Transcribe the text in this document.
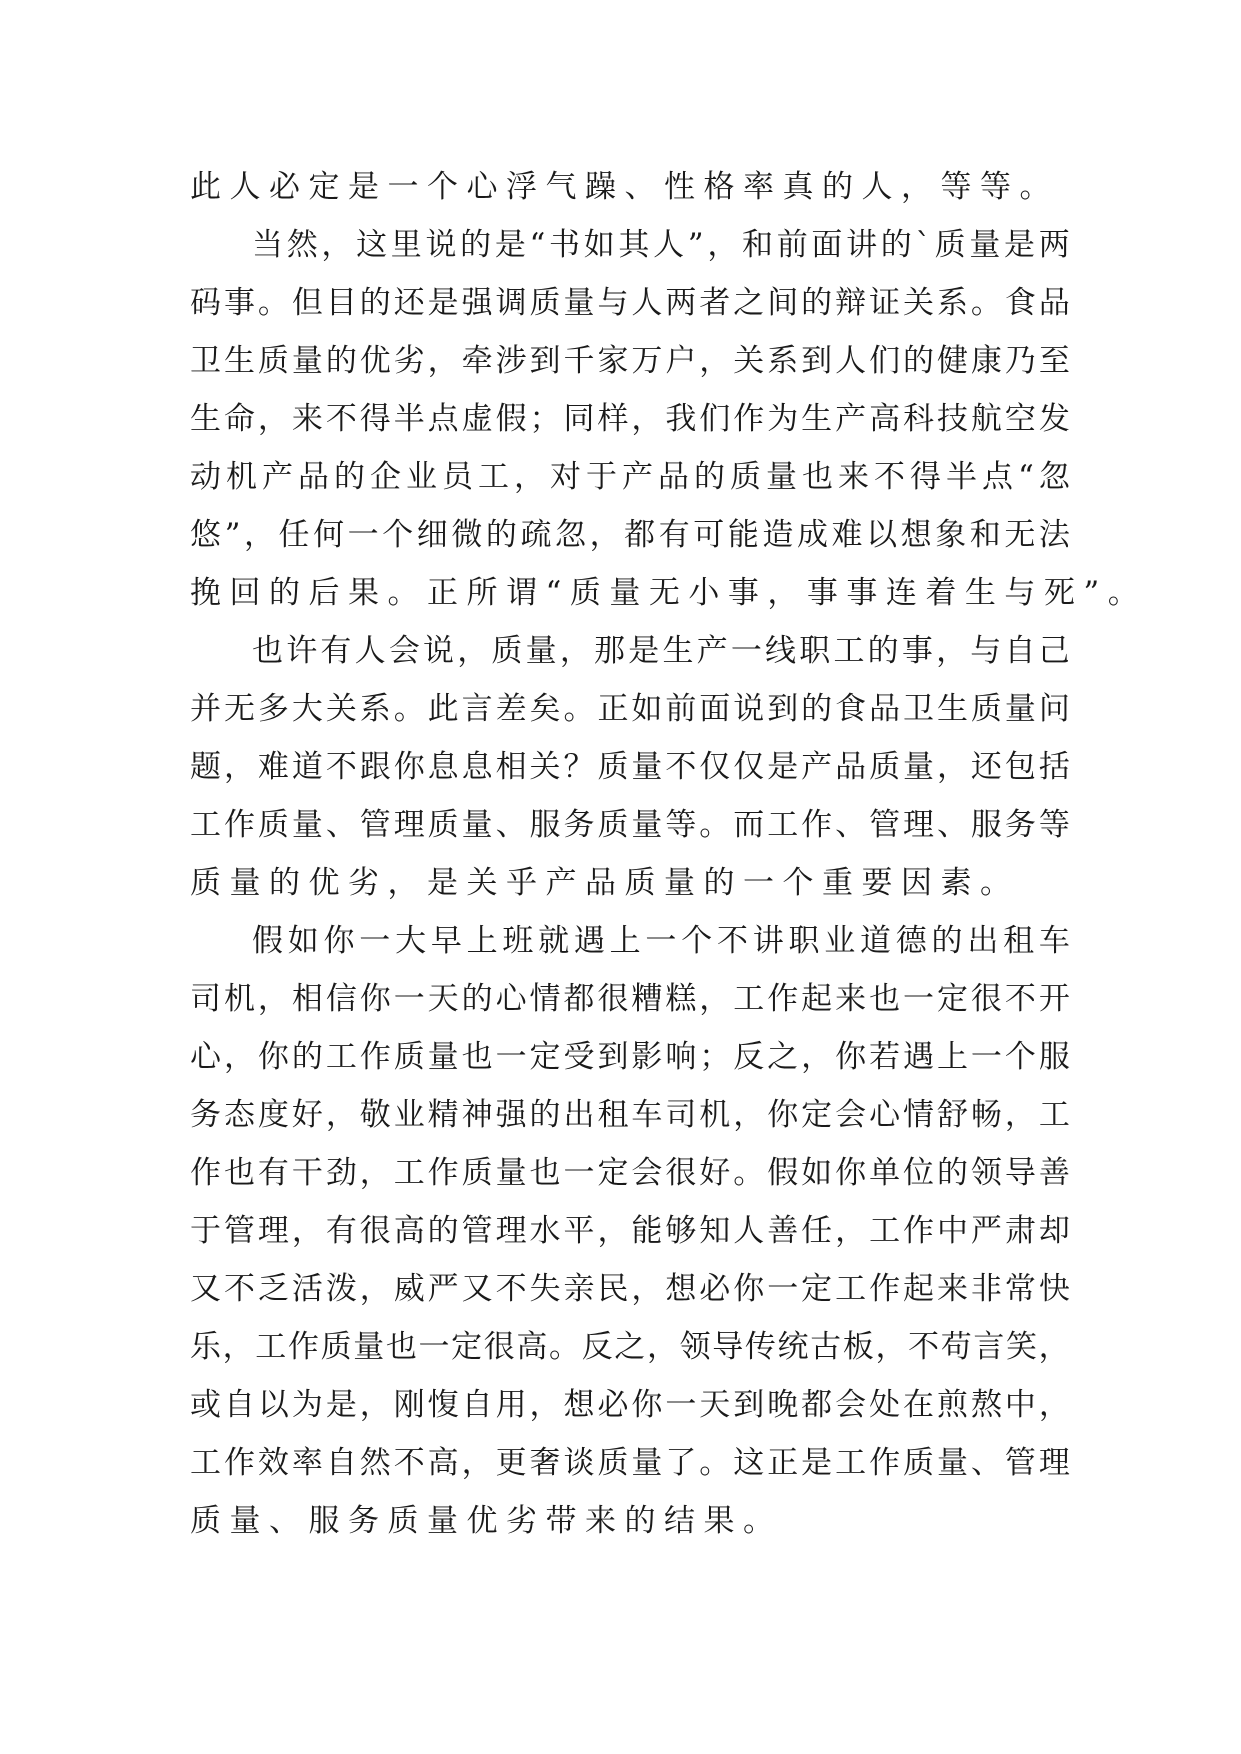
此人必定是一个心浮气躁、性格率真的人，等等。
当 然 ， 这 里 说 的 是 “ 书 如 其 人 ” ， 和 前 面 讲 的 ` 质 量 是 两
码 事 。 但 目 的 还 是 强 调 质 量 与 人 两 者 之 间 的 辩 证 关 系 。 食 品
卫 生 质 量 的 优 劣 ， 牵 涉 到 千 家 万 户 ， 关 系 到 人 们 的 健 康 乃 至
生 命 ， 来 不 得 半 点 虚 假 ； 同 样 ， 我 们 作 为 生 产 高 科 技 航 空 发
动 机 产 品 的 企 业 员 工 ， 对 于 产 品 的 质 量 也 来 不 得 半 点 “ 忽
悠 ” ， 任 何 一 个 细 微 的 疏 忽 ， 都 有 可 能 造 成 难 以 想 象 和 无 法
挽回的后果。正所谓“质量无小事，事事连着生与死”。
也 许 有 人 会 说 ， 质 量 ， 那 是 生 产 一 线 职 工 的 事 ， 与 自 己
并 无 多 大 关 系 。 此 言 差 矣 。 正 如 前 面 说 到 的 食 品 卫 生 质 量 问
题 ， 难 道 不 跟 你 息 息 相 关 ？ 质 量 不 仅 仅 是 产 品 质 量 ， 还 包 括
工 作 质 量 、 管 理 质 量 、 服 务 质 量 等 。 而 工 作 、 管 理 、 服 务 等
质量的优劣，是关乎产品质量的一个重要因素。
假 如 你 一 大 早 上 班 就 遇 上 一 个 不 讲 职 业 道 德 的 出 租 车
司 机 ， 相 信 你 一 天 的 心 情 都 很 糟 糕 ， 工 作 起 来 也 一 定 很 不 开
心 ， 你 的 工 作 质 量 也 一 定 受 到 影 响 ； 反 之 ， 你 若 遇 上 一 个 服
务 态 度 好 ， 敬 业 精 神 强 的 出 租 车 司 机 ， 你 定 会 心 情 舒 畅 ， 工
作 也 有 干 劲 ， 工 作 质 量 也 一 定 会 很 好 。 假 如 你 单 位 的 领 导 善
于 管 理 ， 有 很 高 的 管 理 水 平 ， 能 够 知 人 善 任 ， 工 作 中 严 肃 却
又 不 乏 活 泼 ， 威 严 又 不 失 亲 民 ， 想 必 你 一 定 工 作 起 来 非 常 快
乐 ， 工 作 质 量 也 一 定 很 高 。 反 之 ， 领 导 传 统 古 板 ， 不 苟 言 笑 ，
或 自 以 为 是 ， 刚 愎 自 用 ， 想 必 你 一 天 到 晚 都 会 处 在 煎 熬 中 ，
工 作 效 率 自 然 不 高 ， 更 奢 谈 质 量 了 。 这 正 是 工 作 质 量 、 管 理
质量、服务质量优劣带来的结果。
